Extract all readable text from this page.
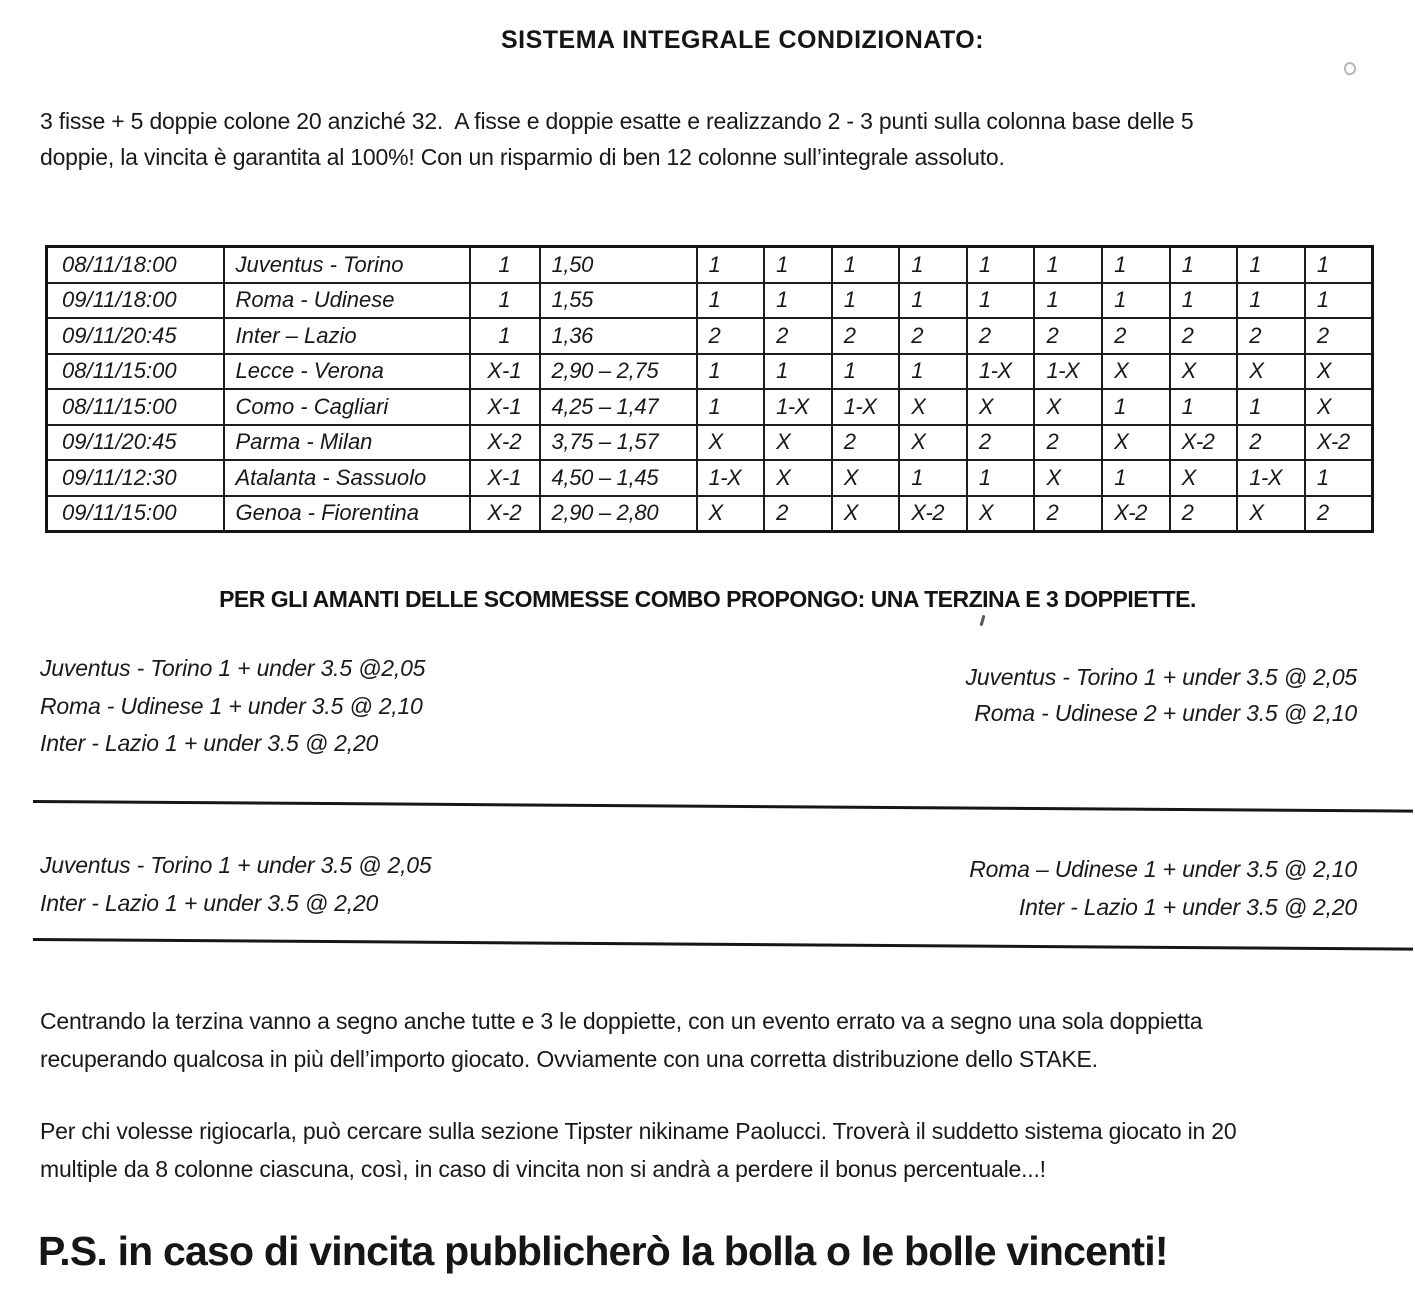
SISTEMA INTEGRALE CONDIZIONATO:
3 fisse + 5 doppie colone 20 anziché 32.  A fisse e doppie esatte e realizzando 2 - 3 punti sulla colonna base delle 5
doppie, la vincita è garantita al 100%! Con un risparmio di ben 12 colonne sull’integrale assoluto.
08/11/18:00	Juventus - Torino	1	1,50	1	1	1	1	1	1	1	1	1	1
09/11/18:00	Roma - Udinese	1	1,55	1	1	1	1	1	1	1	1	1	1
09/11/20:45	Inter – Lazio	1	1,36	2	2	2	2	2	2	2	2	2	2
08/11/15:00	Lecce - Verona	X-1	2,90 – 2,75	1	1	1	1	1-X	1-X	X	X	X	X
08/11/15:00	Como - Cagliari	X-1	4,25 – 1,47	1	1-X	1-X	X	X	X	1	1	1	X
09/11/20:45	Parma - Milan	X-2	3,75 – 1,57	X	X	2	X	2	2	X	X-2	2	X-2
09/11/12:30	Atalanta - Sassuolo	X-1	4,50 – 1,45	1-X	X	X	1	1	X	1	X	1-X	1
09/11/15:00	Genoa - Fiorentina	X-2	2,90 – 2,80	X	2	X	X-2	X	2	X-2	2	X	2
PER GLI AMANTI DELLE SCOMMESSE COMBO PROPONGO: UNA TERZINA E 3 DOPPIETTE.
Juventus - Torino 1 + under 3.5 @2,05
Roma - Udinese 1 + under 3.5 @ 2,10
Inter - Lazio 1 + under 3.5 @ 2,20
Juventus - Torino 1 + under 3.5 @ 2,05
Roma - Udinese 2 + under 3.5 @ 2,10
Juventus - Torino 1 + under 3.5 @ 2,05
Inter - Lazio 1 + under 3.5 @ 2,20
Roma – Udinese 1 + under 3.5 @ 2,10
Inter - Lazio 1 + under 3.5 @ 2,20
Centrando la terzina vanno a segno anche tutte e 3 le doppiette, con un evento errato va a segno una sola doppietta
recuperando qualcosa in più dell’importo giocato. Ovviamente con una corretta distribuzione dello STAKE.
Per chi volesse rigiocarla, può cercare sulla sezione Tipster nikiname Paolucci. Troverà il suddetto sistema giocato in 20
multiple da 8 colonne ciascuna, così, in caso di vincita non si andrà a perdere il bonus percentuale...!
P.S. in caso di vincita pubblicherò la bolla o le bolle vincenti!
